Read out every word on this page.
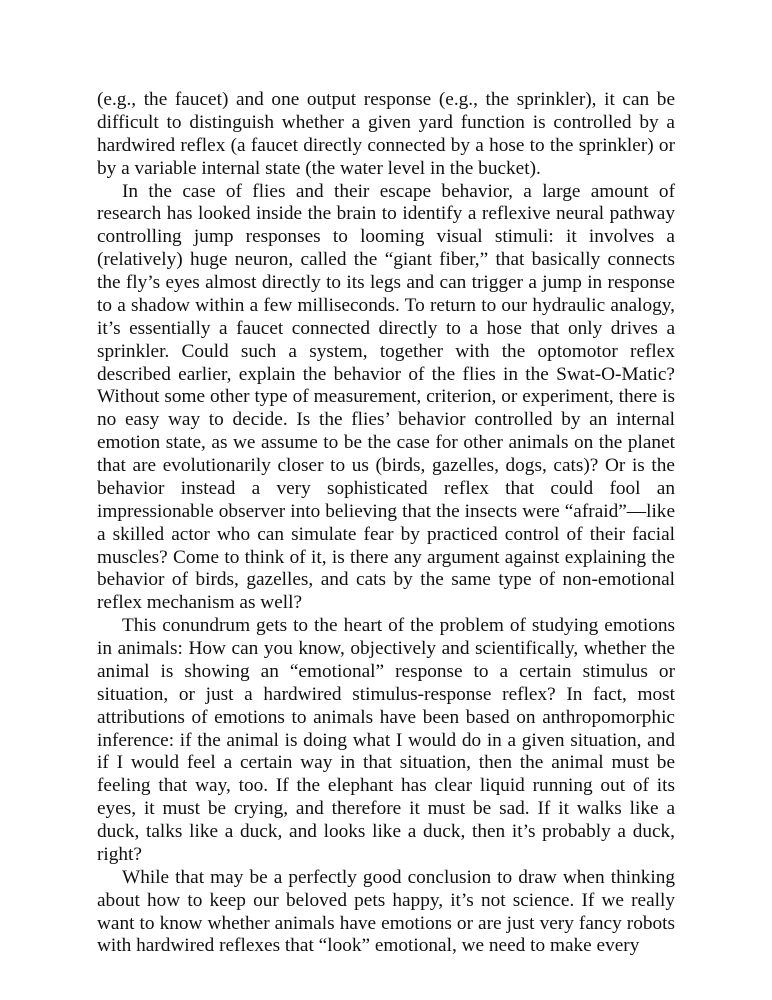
(e.g., the faucet) and one output response (e.g., the sprinkler), it can be difficult to distinguish whether a given yard function is controlled by a hardwired reflex (a faucet directly connected by a hose to the sprinkler) or by a variable internal state (the water level in the bucket).

In the case of flies and their escape behavior, a large amount of research has looked inside the brain to identify a reflexive neural pathway controlling jump responses to looming visual stimuli: it involves a (relatively) huge neuron, called the “giant fiber,” that basically connects the fly’s eyes almost directly to its legs and can trigger a jump in response to a shadow within a few milliseconds. To return to our hydraulic analogy, it’s essentially a faucet connected directly to a hose that only drives a sprinkler. Could such a system, together with the optomotor reflex described earlier, explain the behavior of the flies in the Swat-O-Matic? Without some other type of measurement, criterion, or experiment, there is no easy way to decide. Is the flies’ behavior controlled by an internal emotion state, as we assume to be the case for other animals on the planet that are evolutionarily closer to us (birds, gazelles, dogs, cats)? Or is the behavior instead a very sophisticated reflex that could fool an impressionable observer into believing that the insects were “afraid”—like a skilled actor who can simulate fear by practiced control of their facial muscles? Come to think of it, is there any argument against explaining the behavior of birds, gazelles, and cats by the same type of non-emotional reflex mechanism as well?

This conundrum gets to the heart of the problem of studying emotions in animals: How can you know, objectively and scientifically, whether the animal is showing an “emotional” response to a certain stimulus or situation, or just a hardwired stimulus-response reflex? In fact, most attributions of emotions to animals have been based on anthropomorphic inference: if the animal is doing what I would do in a given situation, and if I would feel a certain way in that situation, then the animal must be feeling that way, too. If the elephant has clear liquid running out of its eyes, it must be crying, and therefore it must be sad. If it walks like a duck, talks like a duck, and looks like a duck, then it’s probably a duck, right?

While that may be a perfectly good conclusion to draw when thinking about how to keep our beloved pets happy, it’s not science. If we really want to know whether animals have emotions or are just very fancy robots with hardwired reflexes that “look” emotional, we need to make every
